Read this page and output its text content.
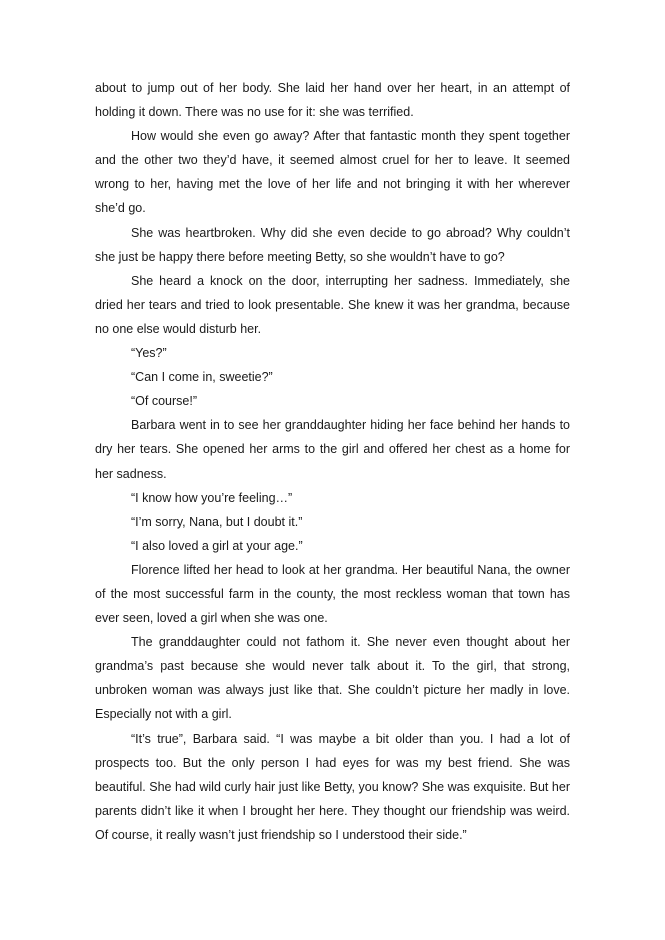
about to jump out of her body. She laid her hand over her heart, in an attempt of holding it down. There was no use for it: she was terrified.

How would she even go away? After that fantastic month they spent together and the other two they’d have, it seemed almost cruel for her to leave. It seemed wrong to her, having met the love of her life and not bringing it with her wherever she’d go.

She was heartbroken. Why did she even decide to go abroad? Why couldn’t she just be happy there before meeting Betty, so she wouldn’t have to go?

She heard a knock on the door, interrupting her sadness. Immediately, she dried her tears and tried to look presentable. She knew it was her grandma, because no one else would disturb her.

“Yes?”

“Can I come in, sweetie?”

“Of course!”

Barbara went in to see her granddaughter hiding her face behind her hands to dry her tears. She opened her arms to the girl and offered her chest as a home for her sadness.

“I know how you’re feeling…”

“I’m sorry, Nana, but I doubt it.”

“I also loved a girl at your age.”

Florence lifted her head to look at her grandma. Her beautiful Nana, the owner of the most successful farm in the county, the most reckless woman that town has ever seen, loved a girl when she was one.

The granddaughter could not fathom it. She never even thought about her grandma’s past because she would never talk about it. To the girl, that strong, unbroken woman was always just like that. She couldn’t picture her madly in love. Especially not with a girl.

“It’s true”, Barbara said. “I was maybe a bit older than you. I had a lot of prospects too. But the only person I had eyes for was my best friend. She was beautiful. She had wild curly hair just like Betty, you know? She was exquisite. But her parents didn’t like it when I brought her here. They thought our friendship was weird. Of course, it really wasn’t just friendship so I understood their side.”
